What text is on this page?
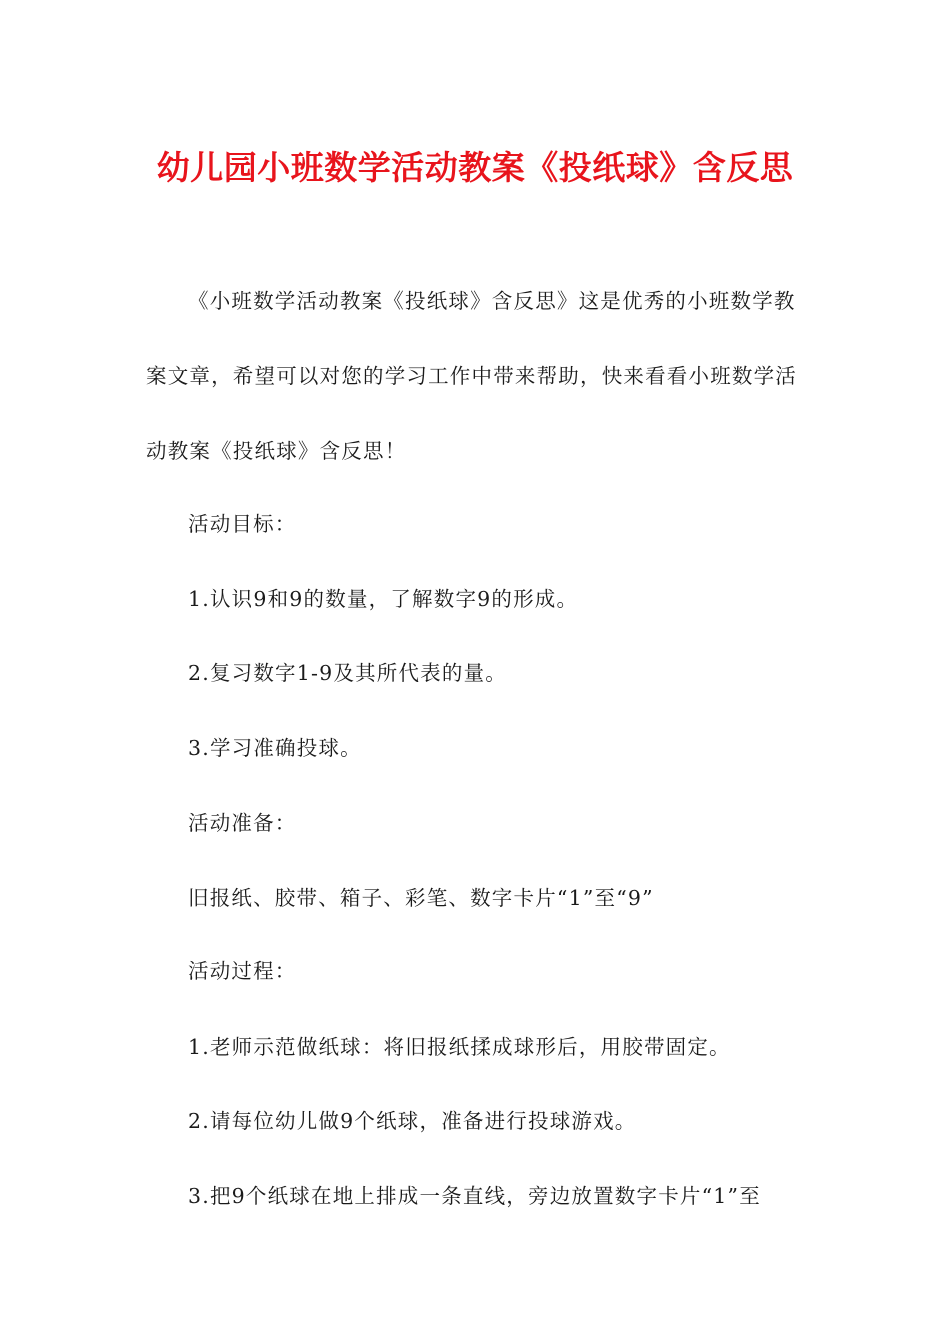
幼儿园小班数学活动教案《投纸球》含反思

《小班数学活动教案《投纸球》含反思》这是优秀的小班数学教案文章，希望可以对您的学习工作中带来帮助，快来看看小班数学活动教案《投纸球》含反思！

活动目标：

1.认识9和9的数量，了解数字9的形成。

2.复习数字1-9及其所代表的量。

3.学习准确投球。

活动准备：

旧报纸、胶带、箱子、彩笔、数字卡片“1”至“9”

活动过程：

1.老师示范做纸球：将旧报纸揉成球形后，用胶带固定。

2.请每位幼儿做9个纸球，准备进行投球游戏。

3.把9个纸球在地上排成一条直线，旁边放置数字卡片“1”至
